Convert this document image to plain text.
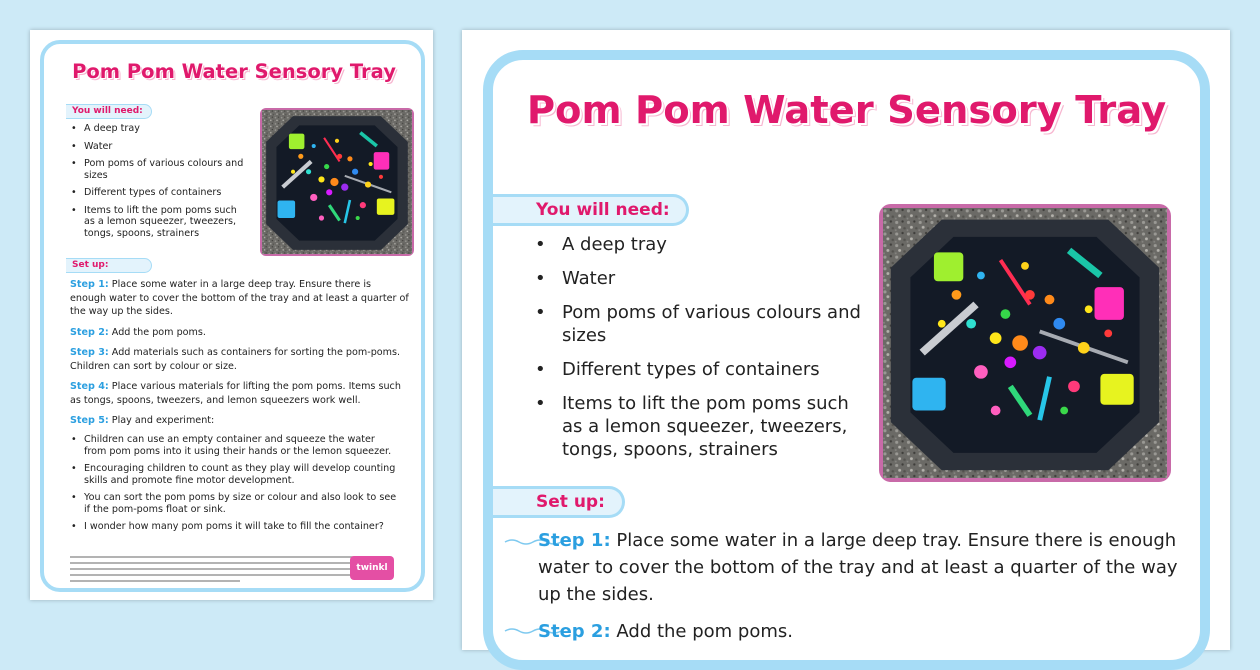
Pom Pom Water Sensory Tray
You will need:
• A deep tray
• Water
• Pom poms of various colours and sizes
• Different types of containers
• Items to lift the pom poms such as a lemon squeezer, tweezers, tongs, spoons, strainers
Set up:
Step 1: Place some water in a large deep tray. Ensure there is enough water to cover the bottom of the tray and at least a quarter of the way up the sides.
Step 2: Add the pom poms.
Step 3: Add materials such as containers for sorting the pom-poms. Children can sort by colour or size.
Step 4: Place various materials for lifting the pom poms. Items such as tongs, spoons, tweezers, and lemon squeezers work well.
Step 5: Play and experiment:
• Children can use an empty container and squeeze the water from pom poms into it using their hands or the lemon squeezer.
• Encouraging children to count as they play will develop counting skills and promote fine motor development.
• You can sort the pom poms by size or colour and also look to see if the pom-poms float or sink.
• I wonder how many pom poms it will take to fill the container?
twinkl
Pom Pom Water Sensory Tray
You will need:
• A deep tray
• Water
• Pom poms of various colours and sizes
• Different types of containers
• Items to lift the pom poms such as a lemon squeezer, tweezers, tongs, spoons, strainers
Set up:
Step 1: Place some water in a large deep tray. Ensure there is enough water to cover the bottom of the tray and at least a quarter of the way up the sides.
Step 2: Add the pom poms.
